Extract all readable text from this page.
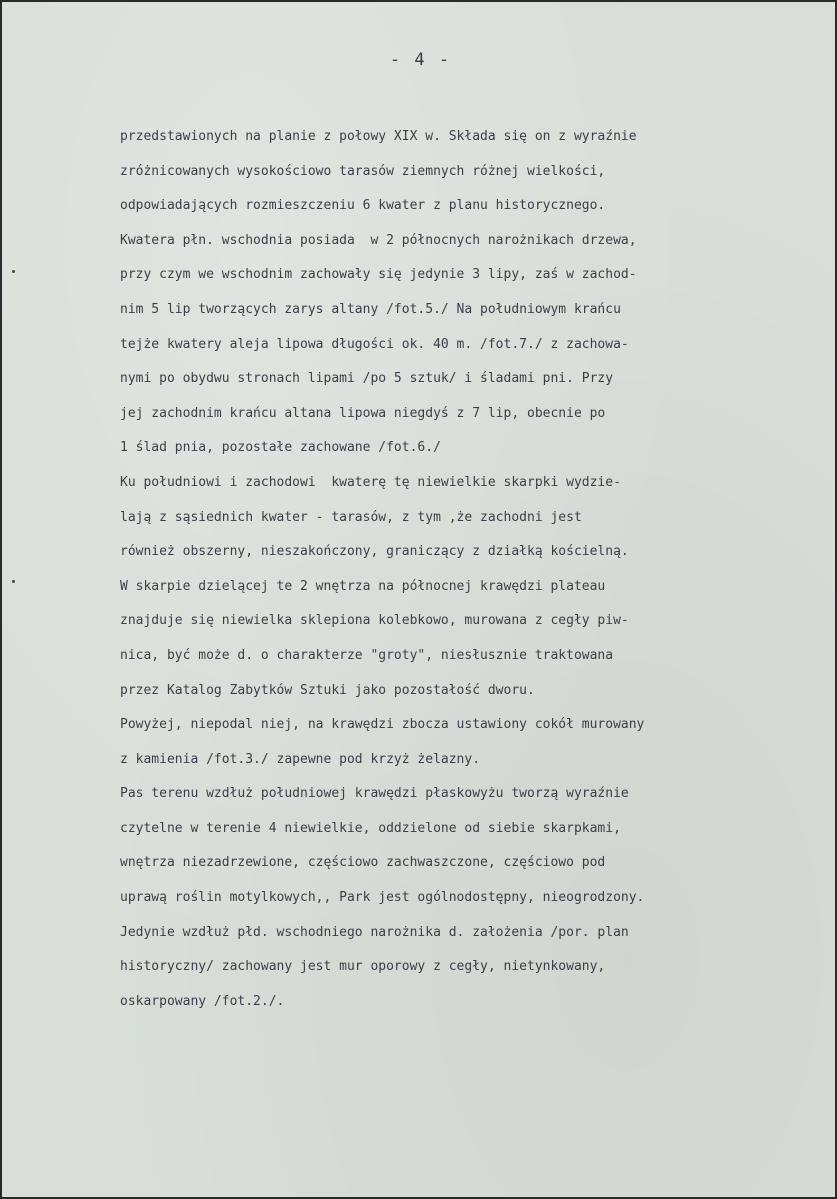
- 4 -
przedstawionych na planie z połowy XIX w. Składa się on z wyraźnie
zróżnicowanych wysokościowo tarasów ziemnych różnej wielkości,
odpowiadających rozmieszczeniu 6 kwater z planu historycznego.
Kwatera płn. wschodnia posiada  w 2 północnych narożnikach drzewa,
przy czym we wschodnim zachowały się jedynie 3 lipy, zaś w zachod-
nim 5 lip tworzących zarys altany /fot.5./ Na południowym krańcu
tejże kwatery aleja lipowa długości ok. 40 m. /fot.7./ z zachowa-
nymi po obydwu stronach lipami /po 5 sztuk/ i śladami pni. Przy
jej zachodnim krańcu altana lipowa niegdyś z 7 lip, obecnie po
1 ślad pnia, pozostałe zachowane /fot.6./
Ku południowi i zachodowi  kwaterę tę niewielkie skarpki wydzie-
lają z sąsiednich kwater - tarasów, z tym ,że zachodni jest
również obszerny, nieszakończony, graniczący z działką kościelną.
W skarpie dzielącej te 2 wnętrza na północnej krawędzi plateau
znajduje się niewielka sklepiona kolebkowo, murowana z cegły piw-
nica, być może d. o charakterze "groty", niesłusznie traktowana
przez Katalog Zabytków Sztuki jako pozostałość dworu.
Powyżej, niepodal niej, na krawędzi zbocza ustawiony cokół murowany
z kamienia /fot.3./ zapewne pod krzyż żelazny.
Pas terenu wzdłuż południowej krawędzi płaskowyżu tworzą wyraźnie
czytelne w terenie 4 niewielkie, oddzielone od siebie skarpkami,
wnętrza niezadrzewione, częściowo zachwaszczone, częściowo pod
uprawą roślin motylkowych,, Park jest ogólnodostępny, nieogrodzony.
Jedynie wzdłuż płd. wschodniego narożnika d. założenia /por. plan
historyczny/ zachowany jest mur oporowy z cegły, nietynkowany,
oskarpowany /fot.2./.
